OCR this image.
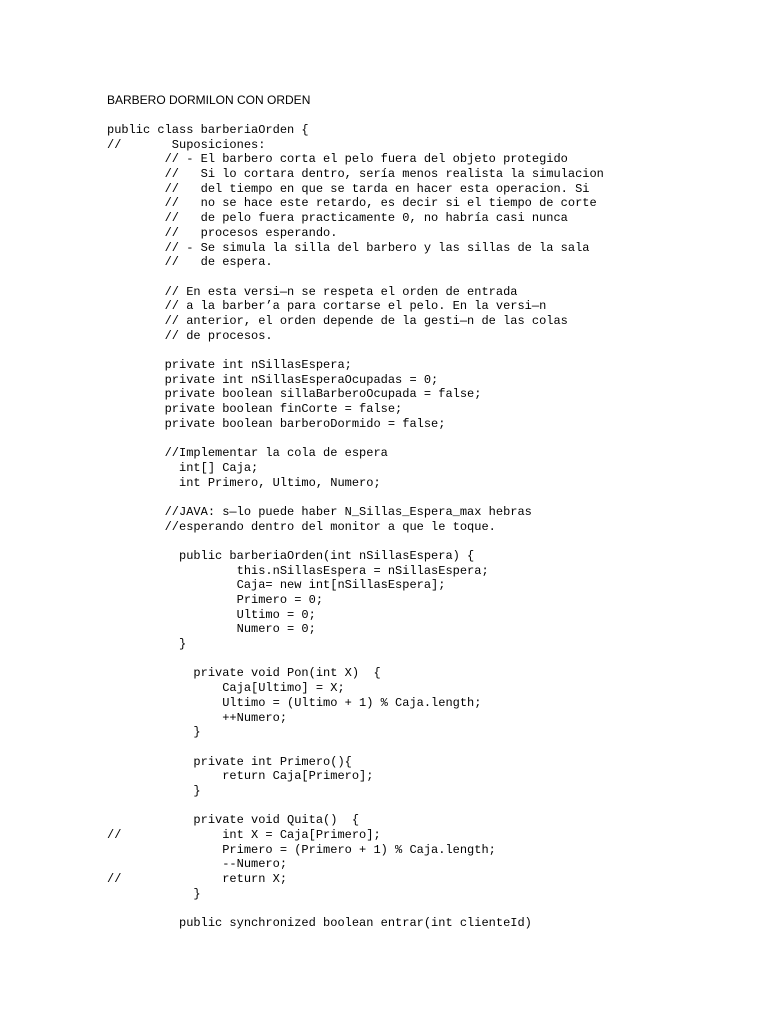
BARBERO DORMILON CON ORDEN
public class barberiaOrden {
//       Suposiciones:
// - El barbero corta el pelo fuera del objeto protegido
//   Si lo cortara dentro, sería menos realista la simulacion
//   del tiempo en que se tarda en hacer esta operacion. Si
//   no se hace este retardo, es decir si el tiempo de corte
//   de pelo fuera practicamente 0, no habría casi nunca
//   procesos esperando.
// - Se simula la silla del barbero y las sillas de la sala
//   de espera.
// En esta versi—n se respeta el orden de entrada
// a la barber’a para cortarse el pelo. En la versi—n
// anterior, el orden depende de la gesti—n de las colas
// de procesos.
private int nSillasEspera;
private int nSillasEsperaOcupadas = 0;
private boolean sillaBarberoOcupada = false;
private boolean finCorte = false;
private boolean barberoDormido = false;
//Implementar la cola de espera
int[] Caja;
int Primero, Ultimo, Numero;
//JAVA: s—lo puede haber N_Sillas_Espera_max hebras
//esperando dentro del monitor a que le toque.
public barberiaOrden(int nSillasEspera) {
this.nSillasEspera = nSillasEspera;
Caja= new int[nSillasEspera];
Primero = 0;
Ultimo = 0;
Numero = 0;
}
private void Pon(int X)  {
Caja[Ultimo] = X;
Ultimo = (Ultimo + 1) % Caja.length;
++Numero;
}
private int Primero(){
return Caja[Primero];
}
private void Quita()  {
//              int X = Caja[Primero];
Primero = (Primero + 1) % Caja.length;
--Numero;
//              return X;
}
public synchronized boolean entrar(int clienteId)
